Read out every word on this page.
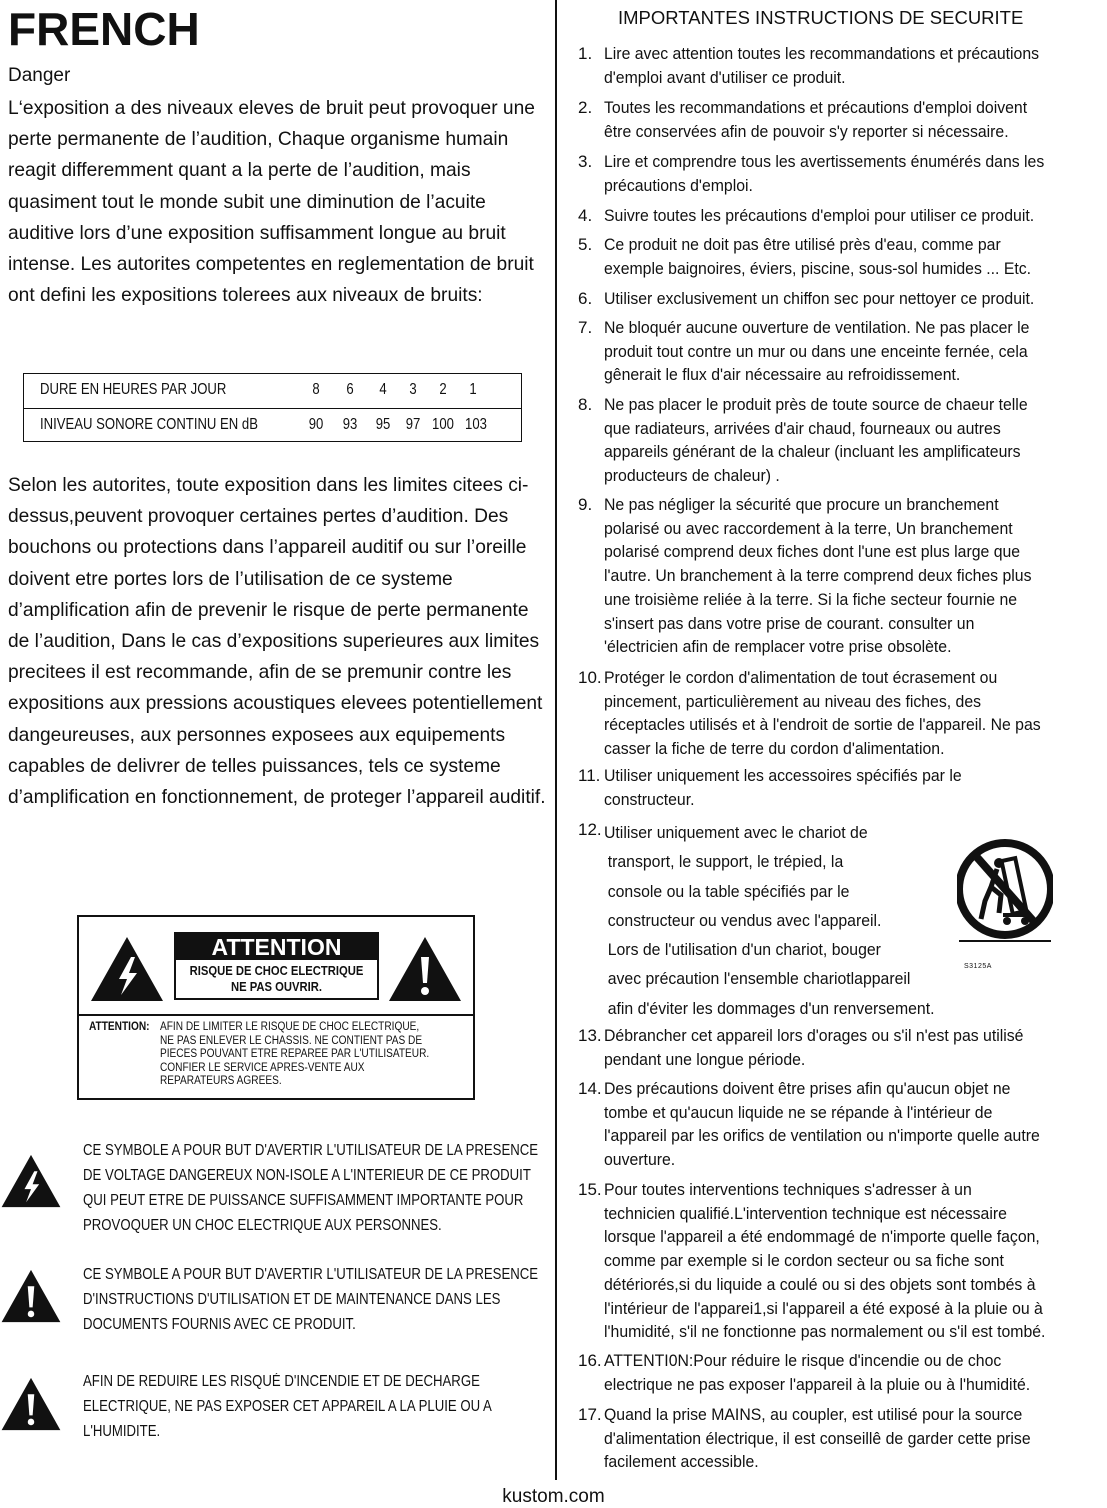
FRENCH
Danger

L‘exposition a des niveaux eleves de bruit peut provoquer une perte permanente de l’audition, Chaque organisme humain reagit differemment quant a la perte de l’audition, mais quasiment tout le monde subit une diminution de l’acuite auditive lors d’une exposition suffisamment longue au bruit intense. Les autorites competentes en reglementation de bruit ont defini les expositions tolerees aux niveaux de bruits:

DURE EN HEURES PAR JOUR	8	6	4	3	2	1
INIVEAU SONORE CONTINU EN dB	90	93	95 97 100 103

Selon les autorites, toute exposition dans les limites citees ci-dessus,peuvent provoquer certaines pertes d’audition. Des bouchons ou protections dans l’appareil auditif ou sur l’oreille doivent etre portes lors de l’utilisation de ce systeme d’amplification afin de prevenir le risque de perte permanente de l’audition, Dans le cas d’expositions superieures aux limites precitees il est recommande, afin de se premunir contre les expositions aux pressions acoustiques elevees potentiellement dangeureuses, aux personnes exposees aux equipements capables de delivrer de telles puissances, tels ce systeme d’amplification en fonctionnement, de proteger l’appareil auditif.

ATTENTION
RISQUE DE CHOC ELECTRIQUE
NE PAS OUVRIR.
ATTENTION: AFIN DE LIMITER LE RISQUE DE CHOC ELECTRIQUE,
NE PAS ENLEVER LE CHASSIS. NE CONTIENT PAS DE
PIECES POUVANT ETRE REPAREE PAR L'UTILISATEUR.
CONFIER LE SERVICE APRES-VENTE AUX
REPARATEURS AGREES.
CE SYMBOLE A POUR BUT D'AVERTIR L'UTILISATEUR DE LA PRESENCE
DE VOLTAGE DANGEREUX NON-ISOLE A L'INTERIEUR DE CE PRODUIT
QUI PEUT ETRE DE PUISSANCE SUFFISAMMENT IMPORTANTE POUR
PROVOQUER UN CHOC ELECTRIQUE AUX PERSONNES.
CE SYMBOLE A POUR BUT D'AVERTIR L'UTILISATEUR DE LA PRESENCE
D'INSTRUCTIONS D'UTILISATION ET DE MAINTENANCE DANS LES
DOCUMENTS FOURNIS AVEC CE PRODUIT.
AFIN DE REDUIRE LES RISQUÉ D'INCENDIE ET DE DECHARGE
ELECTRIQUE, NE PAS EXPOSER CET APPAREIL A LA PLUIE OU A
L'HUMIDITE.
IMPORTANTES INSTRUCTIONS DE SECURITE
1. Lire avec attention toutes les recommandations et précautions
d'emploi avant d'utiliser ce produit.
2. Toutes les recommandations et précautions d'emploi doivent
être conservées afin de pouvoir s'y reporter si nécessaire.
3. Lire et comprendre tous les avertissements énumérés dans les
précautions d'emploi.
4. Suivre toutes les précautions d'emploi pour utiliser ce produit.
5. Ce produit ne doit pas être utilisé près d'eau, comme par
exemple baignoires, éviers, piscine, sous-sol humides ... Etc.
6. Utiliser exclusivement un chiffon sec pour nettoyer ce produit.
7. Ne bloquér aucune ouverture de ventilation. Ne pas placer le
produit tout contre un mur ou dans une enceinte fernée, cela
gênerait le flux d'air nécessaire au refroidissement.
8. Ne pas placer le produit près de toute source de chaeur telle
que radiateurs, arrivées d'air chaud, fourneaux ou autres
appareils générant de la chaleur (incluant les amplificateurs
producteurs de chaleur) .
9. Ne pas négliger la sécurité que procure un branchement
polarisé ou avec raccordement à la terre, Un branchement
polarisé comprend deux fiches dont l'une est plus large que
l'autre. Un branchement à la terre comprend deux fiches plus
une troisième reliée à la terre. Si la fiche secteur fournie ne
s'insert pas dans votre prise de courant. consulter un
'électricien afin de remplacer votre prise obsolète.
10. Protéger le cordon d'alimentation de tout écrasement ou
pincement, particulièrement au niveau des fiches, des
réceptacles utilisés et à l'endroit de sortie de l'appareil. Ne pas
casser la fiche de terre du cordon d'alimentation.
11. Utiliser uniquement les accessoires spécifiés par le
constructeur.
12. Utiliser uniquement avec le chariot de
transport, le support, le trépied, la
console ou la table spécifiés par le
constructeur ou vendus avec l'appareil.
Lors de l'utilisation d'un chariot, bouger
avec précaution l'ensemble chariotlappareil
afin d'éviter les dommages d'un renversement.
13. Débrancher cet appareil lors d'orages ou s'il n'est pas utilisé
pendant une longue période.
14. Des précautions doivent être prises afin qu'aucun objet ne
tombe et qu'aucun liquide ne se répande à l'intérieur de
l'appareil par les orifics de ventilation ou n'importe quelle autre
ouverture.
15. Pour toutes interventions techniques s'adresser à un
technicien qualifié.L'intervention technique est nécessaire
lorsque l'appareil a été endommagé de n'importe quelle façon,
comme par exemple si le cordon secteur ou sa fiche sont
détériorés,si du liquide a coulé ou si des objets sont tombés à
l'intérieur de l'apparei1,si l'appareil a été exposé à la pluie ou à
l'humidité, s'il ne fonctionne pas normalement ou s'il est tombé.
16. ATTENTI0N:Pour réduire le risque d'incendie ou de choc
electrique ne pas exposer l'appareil à la pluie ou à l'humidité.
17. Quand la prise MAINS, au coupler, est utilisé pour la source
d'alimentation électrique, il est conseillê de garder cette prise
facilement accessible.
S3125A
kustom.com
